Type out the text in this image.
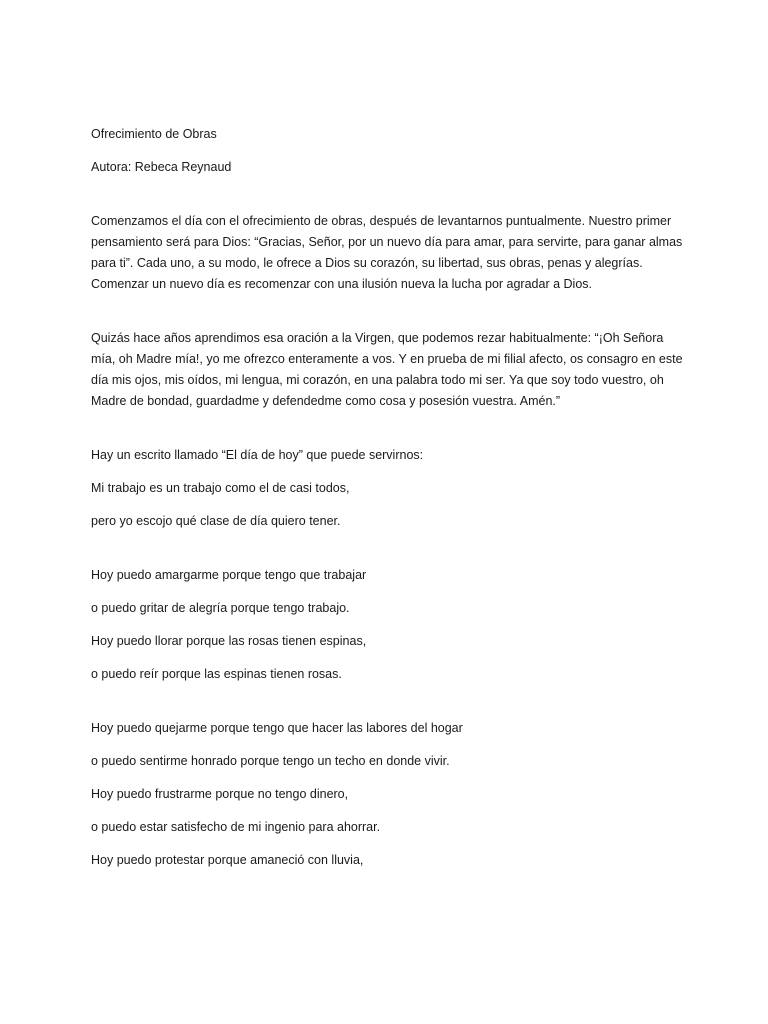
Ofrecimiento de Obras

Autora: Rebeca Reynaud

Comenzamos el día con el ofrecimiento de obras, después de levantarnos puntualmente. Nuestro primer pensamiento será para Dios: “Gracias, Señor, por un nuevo día para amar, para servirte, para ganar almas para ti”. Cada uno, a su modo, le ofrece a Dios su corazón, su libertad, sus obras, penas y alegrías. Comenzar un nuevo día es recomenzar con una ilusión nueva la lucha por agradar a Dios.

Quizás hace años aprendimos esa oración a la Virgen, que podemos rezar habitualmente: “¡Oh Señora mía, oh Madre mía!, yo me ofrezco enteramente a vos. Y en prueba de mi filial afecto, os consagro en este día mis ojos, mis oídos, mi lengua, mi corazón, en una palabra todo mi ser. Ya que soy todo vuestro, oh Madre de bondad, guardadme y defendedme como cosa y posesión vuestra. Amén.”

Hay un escrito llamado “El día de hoy” que puede servirnos:

Mi trabajo es un trabajo como el de casi todos,

pero yo escojo qué clase de día quiero tener.

Hoy puedo amargarme porque tengo que trabajar

o puedo gritar de alegría porque tengo trabajo.

Hoy puedo llorar porque las rosas tienen espinas,

o puedo reír porque las espinas tienen rosas.

Hoy puedo quejarme porque tengo que hacer las labores del hogar

o puedo sentirme honrado porque tengo un techo en donde vivir.

Hoy puedo frustrarme porque no tengo dinero,

o puedo estar satisfecho de mi ingenio para ahorrar.

Hoy puedo protestar porque amaneció con lluvia,
